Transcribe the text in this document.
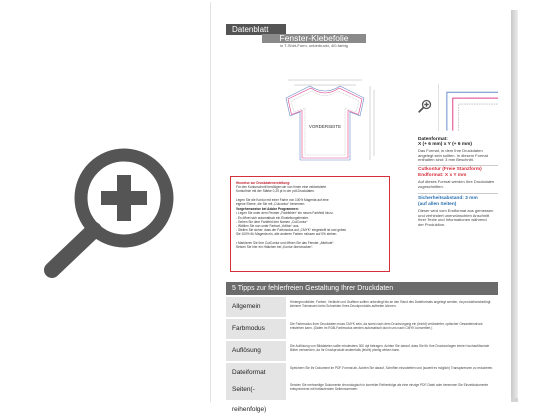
Datenblatt
Fenster-Klebefolie
in T-Shirt-Form, unbedruckt, 4/0-farbig
VORDERSEITE
Hinweise zur Druckdatenerstellung:
Für den Konturschnitt benötigen wir von Ihnen eine vektorisierte
Konturlinie mit der Stärke 0,25 pt in der pdf-Druckdaten.

Legen Sie die Kontur mit einer Farbe von 100% Magenta auf eine
eigene Ebene, die Sie mit „Cutcontur“ benennen.
Vorgehensweise bei Adobe Programmen:
• Legen Sie unter dem Fenster „Farbfelder“ ein neues Farbfeld hinzu.
- Es öffnet sich automatisch ein Einstellungsfenster.
- Geben Sie dem Farbfeld den Namen „CutContur“
- Wählen Sie nun unter Farbart „Vollton“ aus.
- Stellen Sie sicher, dass der Farbmodus auf „CMYK“ eingestellt ist und geben
Sie 100% für Magenta ein, alle anderen Farben müssen auf 0% stehen.

• Markieren Sie Ihre CutContur und öffnen Sie das Fenster „Attribute“.
Setzen Sie hier ein Häkchen bei „Kontur überdrucken“.
Datenformat:
X (+ 6 mm) x Y (+ 6 mm)
Das Format, in dem Ihre Druckdaten
angelegt sein sollten. In diesem Format
enthalten sind: 3 mm Beschnitt.
Cutkontur (Freie Stanzform)
Endformat: X x Y mm
Auf dieses Format werden Ihre Druckdaten
zugeschnitten.
Sicherheitsabstand: 3 mm
(auf allen Seiten)
Dieser wird vom Endformat aus gemessen
und verhindert unerwünschten Anschnitt
Ihrer Texte und Informationen während
der Produktion.
5 Tipps zur fehlerfreien Gestaltung Ihrer Druckdaten
Allgemein
Hintergrundbilder, Farben, Verläufe und Grafiken sollten unbedingt bis an den Rand des Dateiformats angelegt werden, da produktionsbedingt kleinere Toleranzen beim Schneiden Ihres Druckprodukts auftreten können.
Farbmodus
Die Farbmodus Ihrer Druckdaten muss CMYK sein, da sonst nach dem Druckvorgang ein (leicht) veränderter, optischer Gesamteindruck entstehen kann. (Daten im RGB-Farbmodus werden automatisch durch uns nach CMYK konvertiert.)
Auflösung
Die Auflösung von Bilddateien sollte mindestens 300 dpi betragen. Achten Sie darauf, dass Sie für Ihre Druckvorlagen immer hochauflösende Bilder verwenden, da Ihr Druckprodukt andernfalls (leicht) pixelig wirken kann.
Dateiformat
Speichern Sie Ihr Dokument im PDF-Format ab. Achten Sie darauf, Schriften einzubetten und (soweit es möglich) Transparenzen zu reduzieren.
Seiten(-reihenfolge)
Senden Sie mehrseitige Dokumente chronologisch in korrekter Reihenfolge als eine einzige PDF-Datei oder benennen Sie Einzeldokumente entsprechend mit fortlaufenden Seitennummern.
